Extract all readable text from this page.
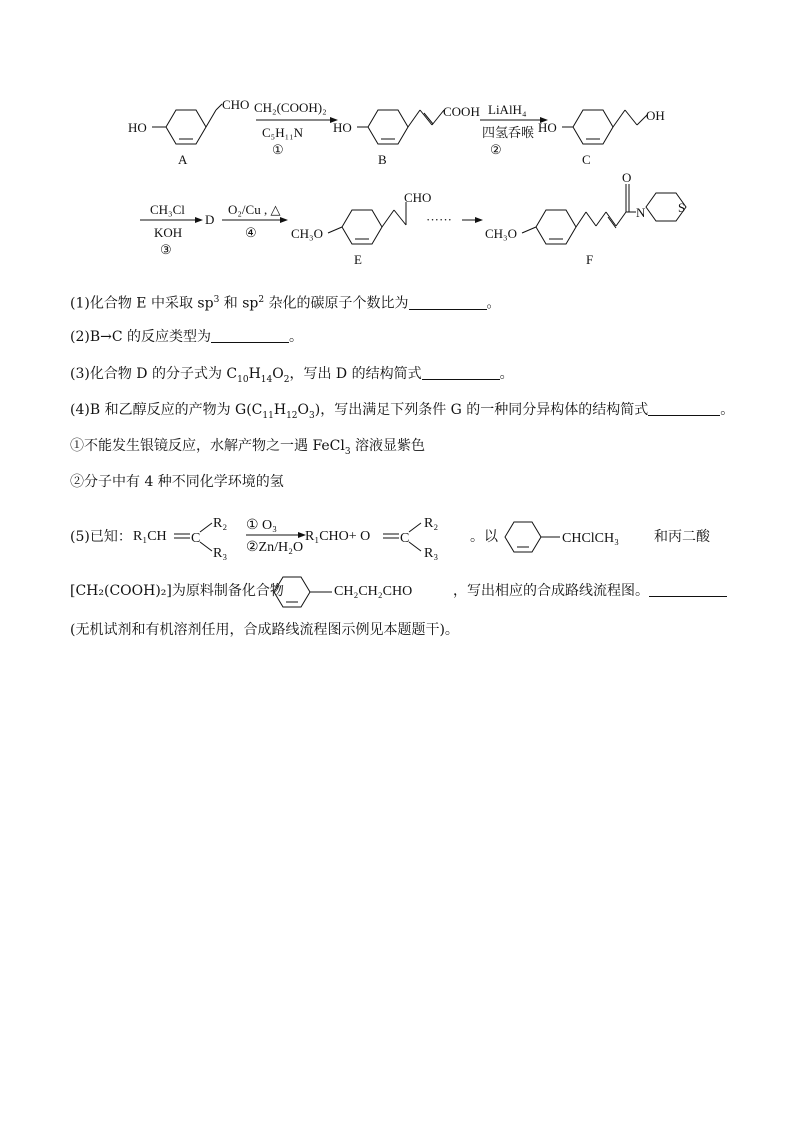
HO
CHO
A
CH₂(COOH)₂
C₅H₁₁N
①
HO
COOH
B
LiAlH₄
四氢呑喉
②
HO
OH
C
CH₃Cl
KOH
③
D
O₂/Cu , △
④	CH₃O
CHO
E
······
CH₃O
O
N	S
F
(1)化合物 E 中采取 $sp^3$ 和 $sp^2$ 杂化的碳原子个数比为	。
(2)B→C 的反应类型为	。
(3)化合物 D 的分子式为 $C_{10}H_{14}O_2$，写出 D 的结构简式	。
(4)B 和乙醇反应的产物为 $G(C_{11}H_{12}O_3)$，写出满足下列条件 G 的一种同分异构体的结构简式	。
①不能发生银镜反应，水解产物之一遇 FeCl$_3$ 溶液显紫色
②分子中有 4 种不同化学环境的氢
(5)已知： R₁CH C
R₂
R₃
① O₃
②Zn/H₂O
R₁CHO+ O C
R₂
R₃
。以	CHClCH₃ 和丙二酸
[CH₂(COOH)₂]为原料制备化合物	CH₂CH₂CHO	，写出相应的合成路线流程图。
(无机试剂和有机溶剂任用，合成路线流程图示例见本题题干)。
